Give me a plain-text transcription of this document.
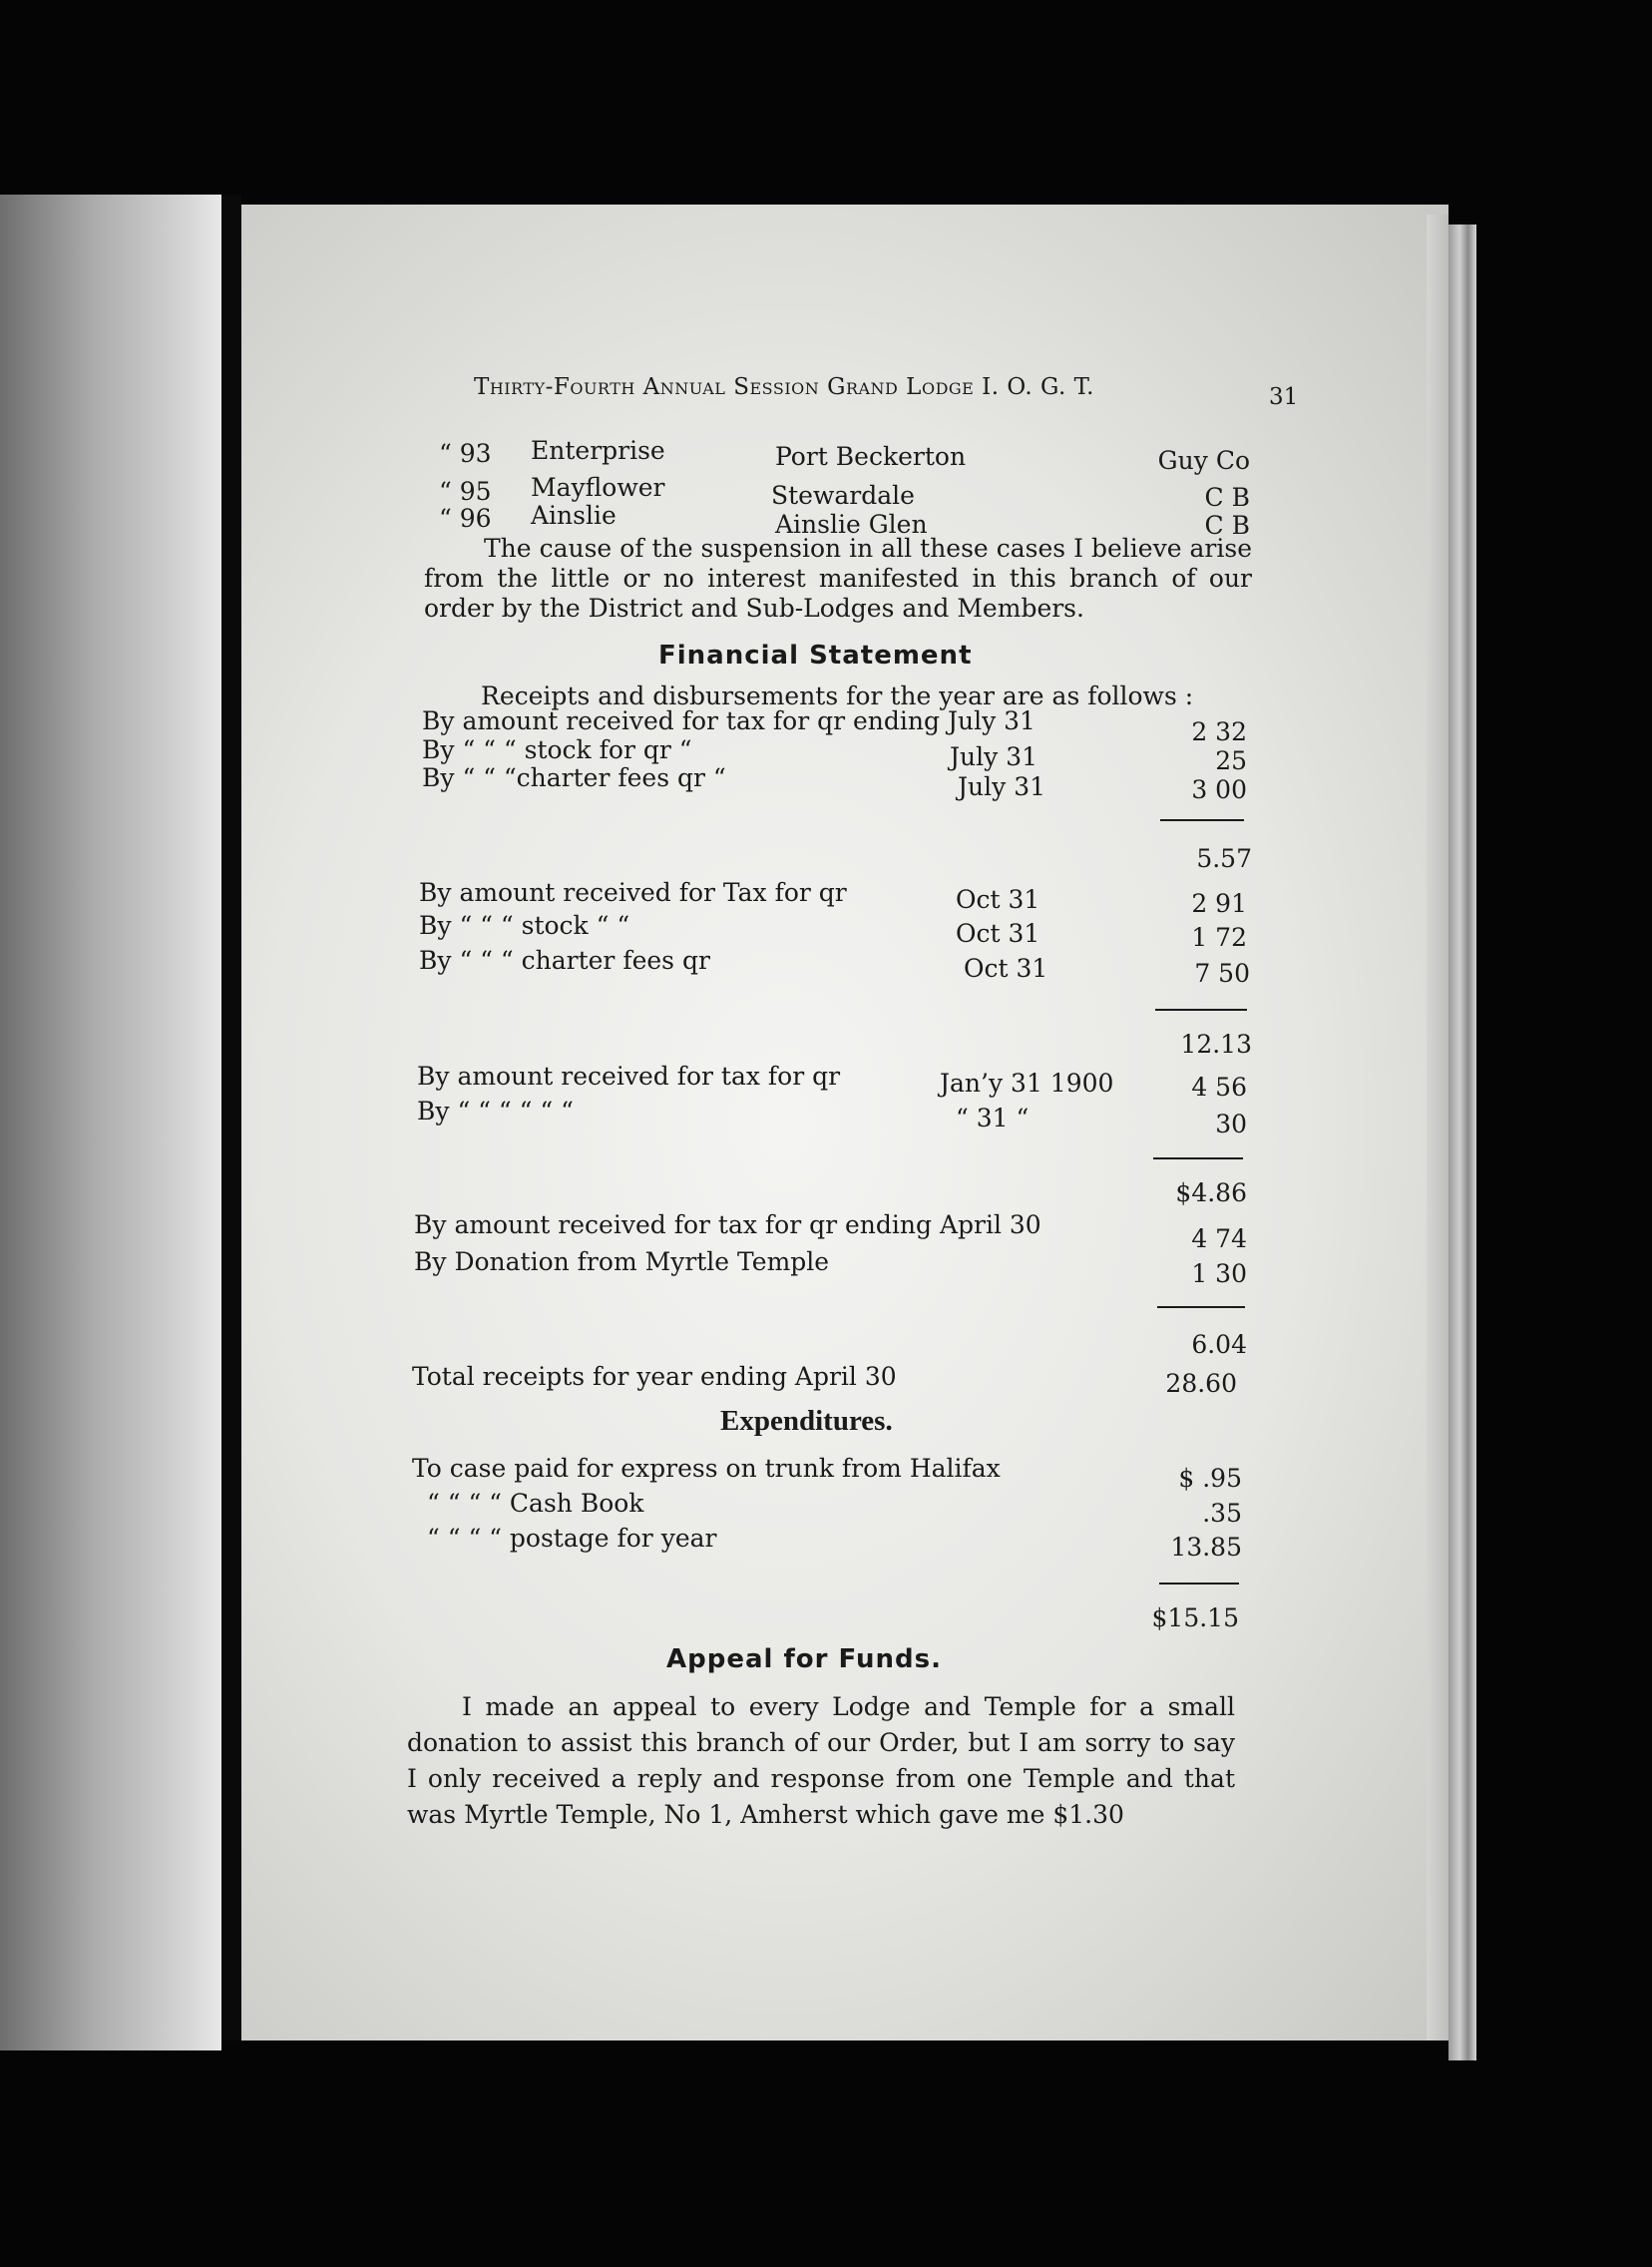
Thirty-Fourth Annual Session Grand Lodge I. O. G. T.	31
“ 93 Enterprise	Port Beckerton	Guy Co
“ 95 Mayflower	Stewardale	C B
“ 96 Ainslie	Ainslie Glen	C B
The cause of the suspension in all these cases I believe arise from the little or no interest manifested in this branch of our order by the District and Sub-Lodges and Members.
Financial Statement
Receipts and disbursements for the year are as follows :
By amount received for tax for qr ending July 31	2 32
By “ “ “ stock for qr “	July 31	25
By “ “ “charter fees qr “	July 31	3 00
5.57
By amount received for Tax for qr	Oct 31	2 91
By “ “ “ stock “ “	Oct 31	1 72
By “ “ “ charter fees qr	Oct 31	7 50
12.13
By amount received for tax for qr	Jan’y 31 1900	4 56
By “ “ “ “ “ “	“ 31 “	30
$4.86
By amount received for tax for qr ending April 30	4 74
By Donation from Myrtle Temple	1 30
6.04
Total receipts for year ending April 30	28.60
Expenditures.
To case paid for express on trunk from Halifax	$ .95
“ “ “ “ Cash Book	.35
“ “ “ “ postage for year	13.85
$15.15
Appeal for Funds.
I made an appeal to every Lodge and Temple for a small donation to assist this branch of our Order, but I am sorry to say I only received a reply and response from one Temple and that was Myrtle Temple, No 1, Amherst which gave me $1.30
